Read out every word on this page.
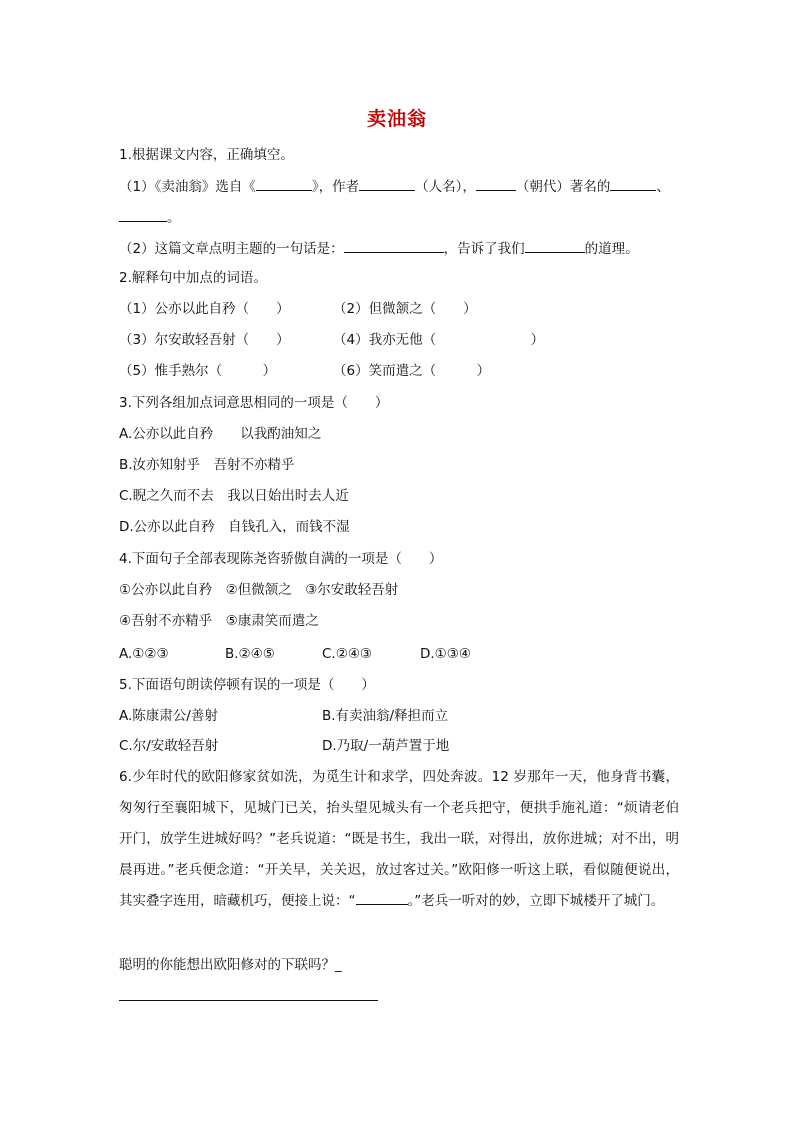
卖油翁
1.根据课文内容，正确填空。
（1）《卖油翁》选自《	》，作者	（人名），	（朝代）著名的	、
。
（2）这篇文章点明主题的一句话是：	，告诉了我们	的道理。
2.解释句中加点的词语。
（1）公亦以此自矜（　　）	（2）但微颔之（　　）
（3）尔安敢轻吾射（　　）	（4）我亦无他（　　　　　　　）
（5）惟手熟尔（　　　）	（6）笑而遣之（　　　）
3.下列各组加点词意思相同的一项是（　　）
A.公亦以此自矜　　以我酌油知之
B.汝亦知射乎　吾射不亦精乎
C.睨之久而不去　我以日始出时去人近
D.公亦以此自矜　自钱孔入，而钱不湿
4.下面句子全部表现陈尧咨骄傲自满的一项是（　　）
①公亦以此自矜　②但微颔之　③尔安敢轻吾射
④吾射不亦精乎　⑤康肃笑而遣之
A.①②③	B.②④⑤	C.②④③	D.①③④
5.下面语句朗读停顿有误的一项是（　　）
A.陈康肃公/善射	B.有卖油翁/释担而立
C.尔/安敢轻吾射	D.乃取/一葫芦置于地
6.少年时代的欧阳修家贫如洗，为觅生计和求学，四处奔波。12 岁那年一天，他身背书囊，匆匆行至襄阳城下，见城门已关，抬头望见城头有一个老兵把守，便拱手施礼道：“烦请老伯开门，放学生进城好吗？”老兵说道：“既是书生，我出一联，对得出，放你进城；对不出，明晨再进。”老兵便念道：“开关早，关关迟，放过客过关。”欧阳修一听这上联，看似随便说出，其实叠字连用，暗藏机巧，便接上说：“	。”老兵一听对的妙，立即下城楼开了城门。
聪明的你能想出欧阳修对的下联吗？_
